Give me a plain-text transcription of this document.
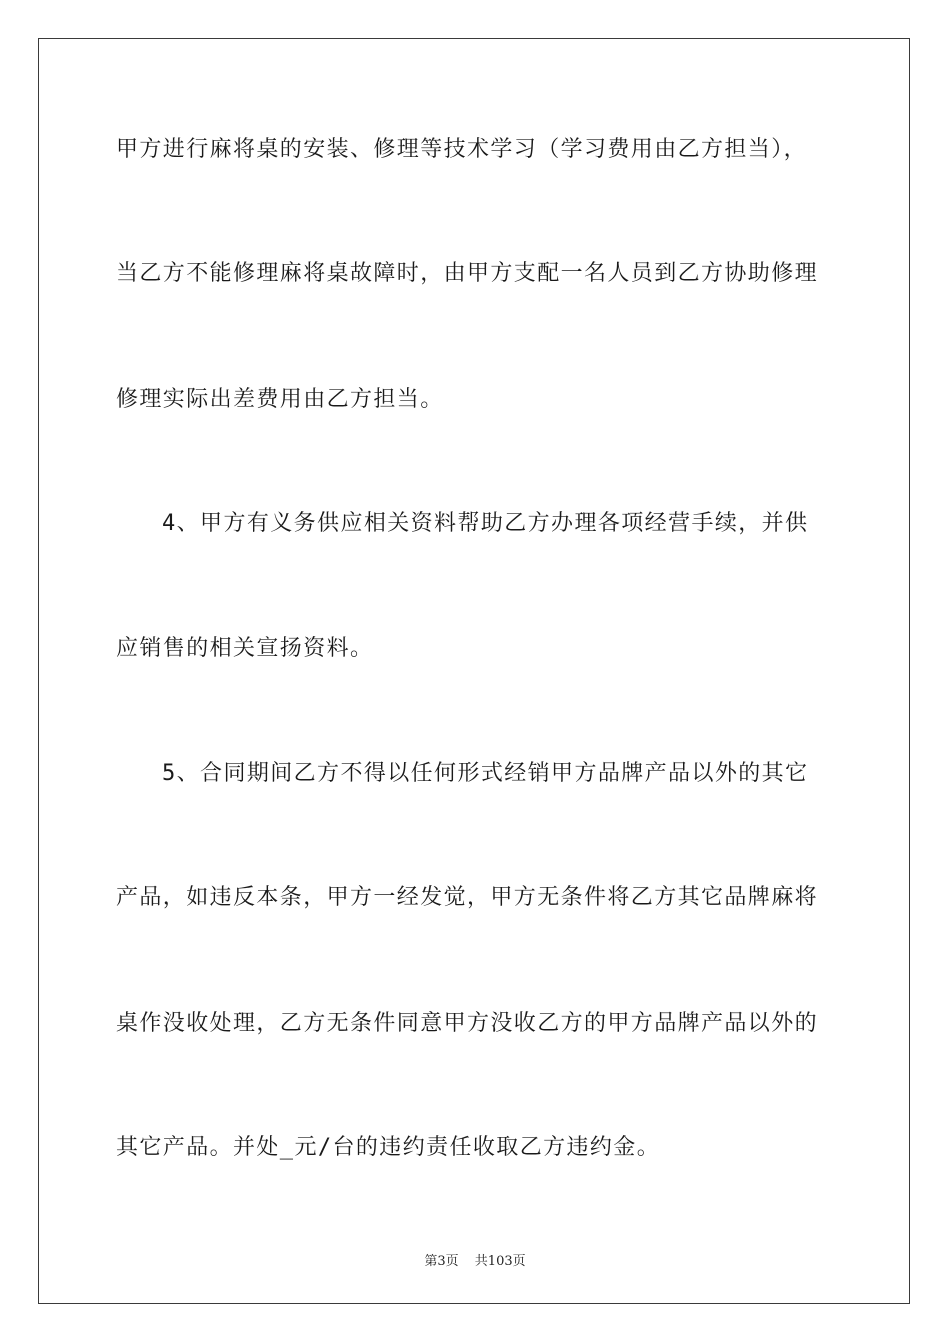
甲方进行麻将桌的安装、修理等技术学习（学习费用由乙方担当），
当乙方不能修理麻将桌故障时，由甲方支配一名人员到乙方协助修理
修理实际出差费用由乙方担当。
4、甲方有义务供应相关资料帮助乙方办理各项经营手续，并供
应销售的相关宣扬资料。
5、合同期间乙方不得以任何形式经销甲方品牌产品以外的其它
产品，如违反本条，甲方一经发觉，甲方无条件将乙方其它品牌麻将
桌作没收处理，乙方无条件同意甲方没收乙方的甲方品牌产品以外的
其它产品。并处_元/台的违约责任收取乙方违约金。
第3页 共103页
